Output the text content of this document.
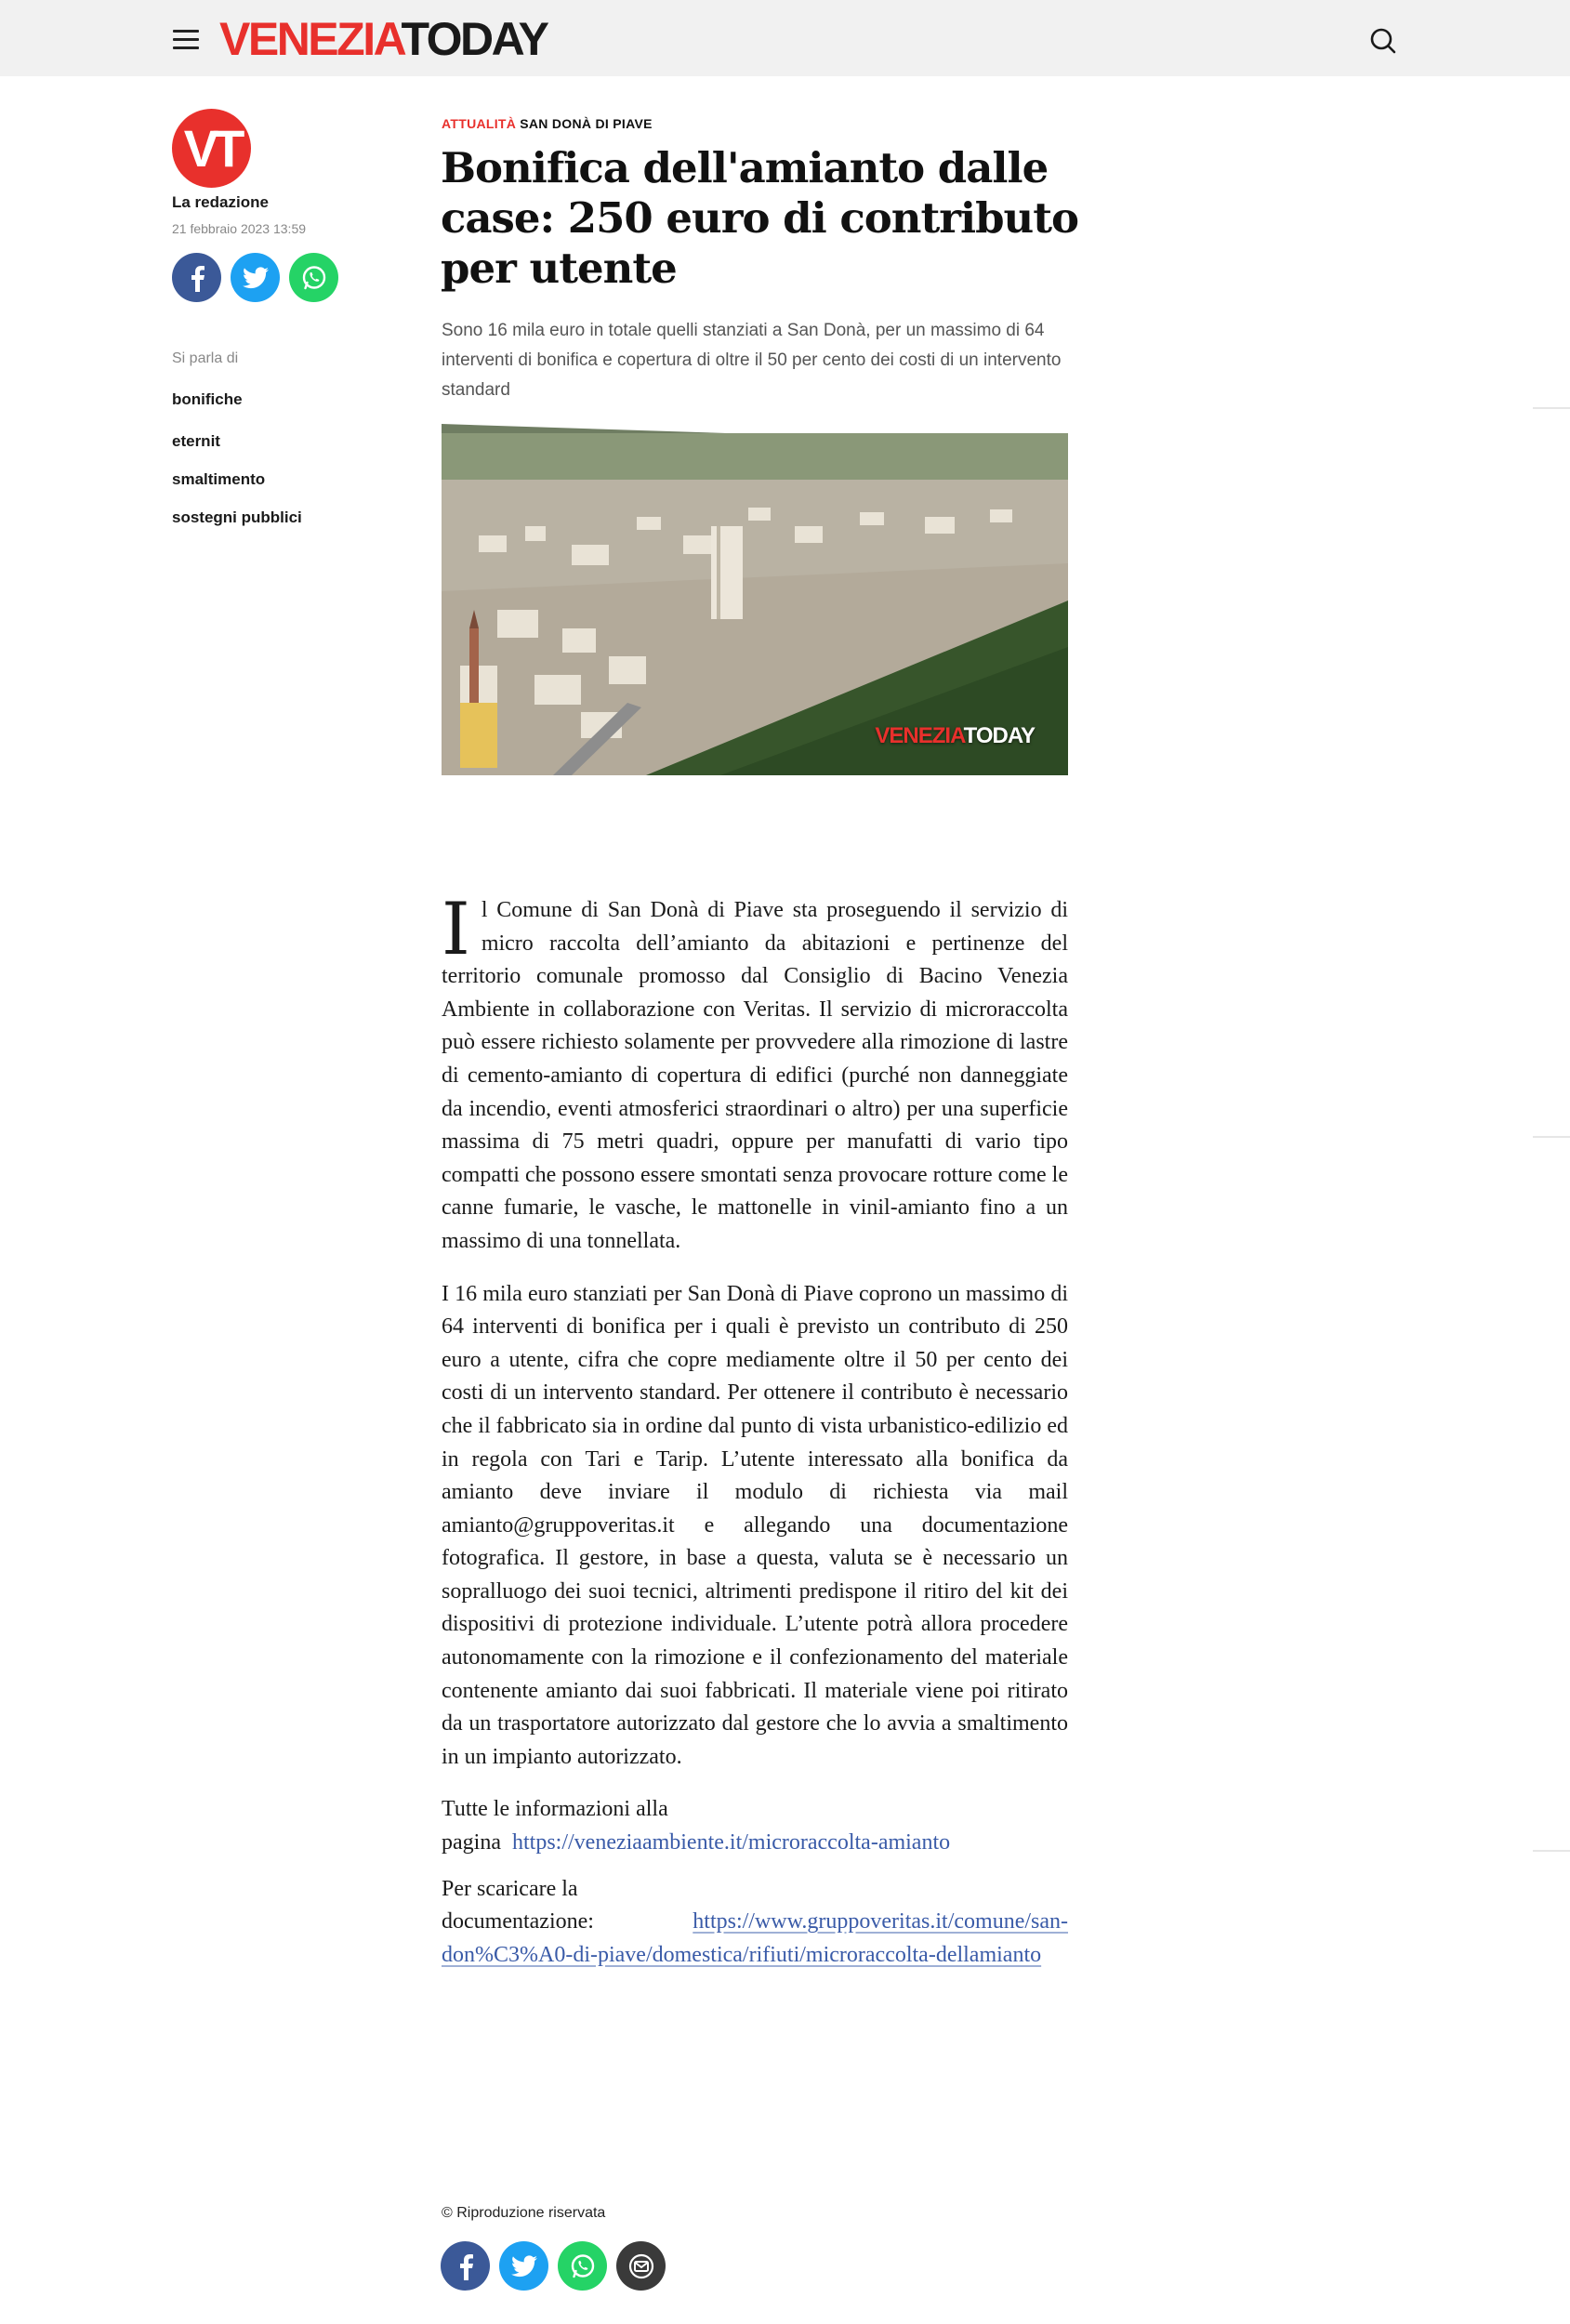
VENEZIATODAY
VT
La redazione
21 febbraio 2023 13:59
Si parla di
bonifiche
eternit
smaltimento
sostegni pubblici
ATTUALITÀ SAN DONÀ DI PIAVE
Bonifica dell'amianto dalle case: 250 euro di contributo per utente

Sono 16 mila euro in totale quelli stanziati a San Donà, per un massimo di 64 interventi di bonifica e copertura di oltre il 50 per cento dei costi di un intervento standard

VENEZIATODAY

Il Comune di San Donà di Piave sta proseguendo il servizio di micro raccolta dell’amianto da abitazioni e pertinenze del territorio comunale promosso dal Consiglio di Bacino Venezia Ambiente in collaborazione con Veritas. Il servizio di microraccolta può essere richiesto solamente per provvedere alla rimozione di lastre di cemento-amianto di copertura di edifici (purché non danneggiate da incendio, eventi atmosferici straordinari o altro) per una superficie massima di 75 metri quadri, oppure per manufatti di vario tipo compatti che possono essere smontati senza provocare rotture come le canne fumarie, le vasche, le mattonelle in vinil-amianto fino a un massimo di una tonnellata.

I 16 mila euro stanziati per San Donà di Piave coprono un massimo di 64 interventi di bonifica per i quali è previsto un contributo di 250 euro a utente, cifra che copre mediamente oltre il 50 per cento dei costi di un intervento standard. Per ottenere il contributo è necessario che il fabbricato sia in ordine dal punto di vista urbanistico-edilizio ed in regola con Tari e Tarip. L’utente interessato alla bonifica da amianto deve inviare il modulo di richiesta via mail amianto@gruppoveritas.it e allegando una documentazione fotografica. Il gestore, in base a questa, valuta se è necessario un sopralluogo dei suoi tecnici, altrimenti predispone il ritiro del kit dei dispositivi di protezione individuale. L’utente potrà allora procedere autonomamente con la rimozione e il confezionamento del materiale contenente amianto dai suoi fabbricati. Il materiale viene poi ritirato da un trasportatore autorizzato dal gestore che lo avvia a smaltimento in un impianto autorizzato.

Tutte le informazioni alla
pagina https://veneziaambiente.it/microraccolta-amianto

Per scaricare la
documentazione:	https://www.gruppoveritas.it/comune/san-don%C3%A0-di-piave/domestica/rifiuti/microraccolta-dellamianto

© Riproduzione riservata
